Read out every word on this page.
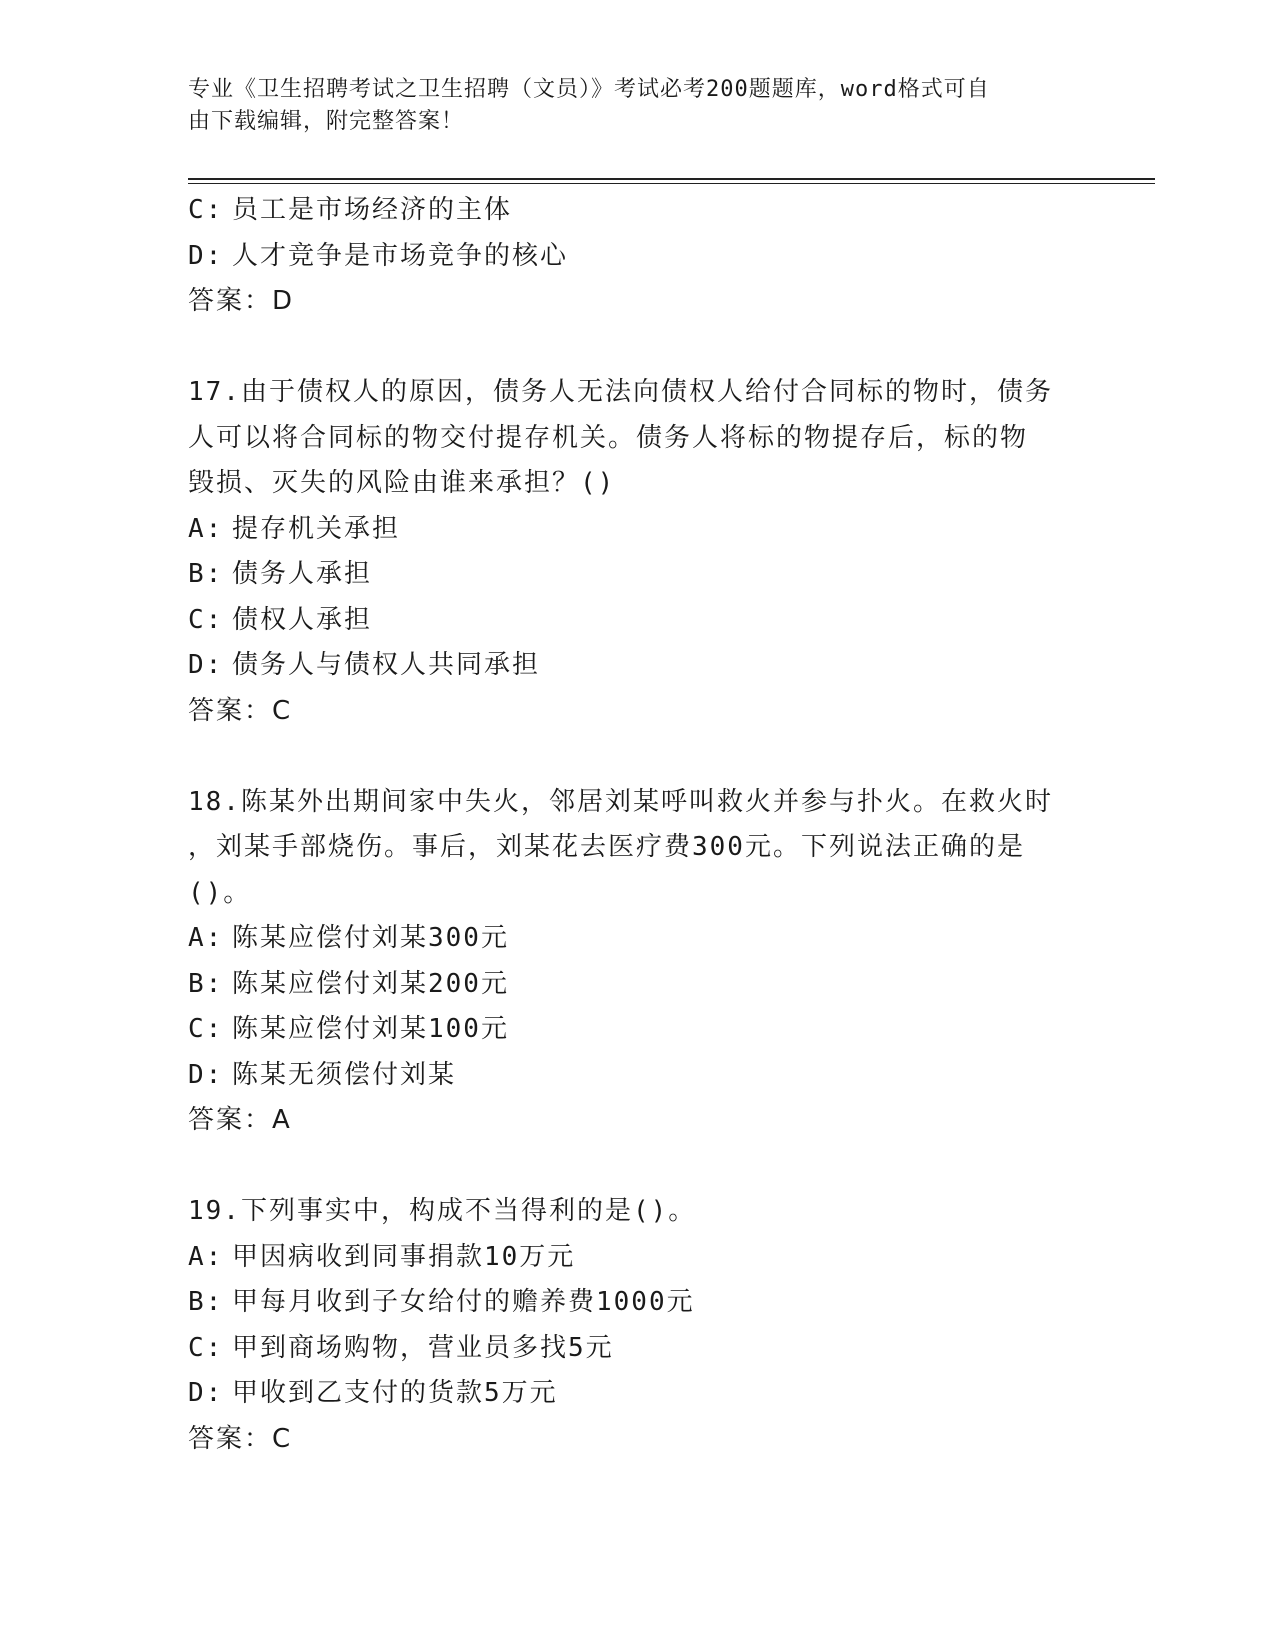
专业《卫生招聘考试之卫生招聘（文员）》考试必考200题题库，word格式可自
由下载编辑，附完整答案！
C: 员工是市场经济的主体
D: 人才竞争是市场竞争的核心
答案：D
17.由于债权人的原因，债务人无法向债权人给付合同标的物时，债务
人可以将合同标的物交付提存机关。债务人将标的物提存后，标的物
毁损、灭失的风险由谁来承担？()
A: 提存机关承担
B: 债务人承担
C: 债权人承担
D: 债务人与债权人共同承担
答案：C
18.陈某外出期间家中失火，邻居刘某呼叫救火并参与扑火。在救火时
，刘某手部烧伤。事后，刘某花去医疗费300元。下列说法正确的是
()。
A: 陈某应偿付刘某300元
B: 陈某应偿付刘某200元
C: 陈某应偿付刘某100元
D: 陈某无须偿付刘某
答案：A
19.下列事实中，构成不当得利的是()。
A: 甲因病收到同事捐款10万元
B: 甲每月收到子女给付的赡养费1000元
C: 甲到商场购物，营业员多找5元
D: 甲收到乙支付的货款5万元
答案：C
